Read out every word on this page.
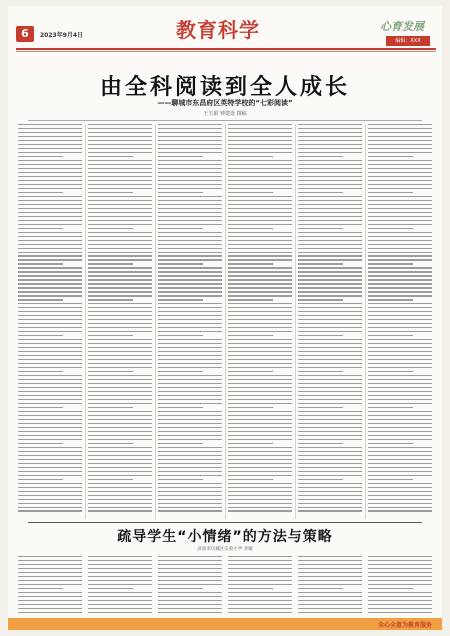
6	2023年9月4日	教育科学	心育发展
编辑：XXX
由全科阅读到全人成长
——聊城市东昌府区英特学校的“七彩阅读”
王玉娟 钟建设 撰稿
疏导学生“小情绪”的方法与策略
济南市历城区实验小学 李敏
全心全意为教育服务
